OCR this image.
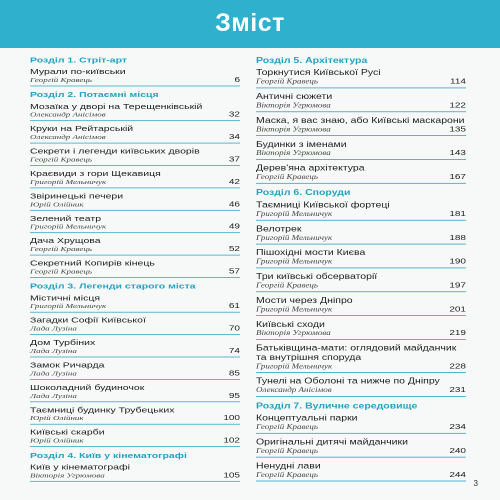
Зміст
Розділ 1. Стріт-арт
Мурали по-київськи
Георгій Кравець	6
Розділ 2. Потаємні місця
Мозаїка у дворі на Терещенківській
Олександр Анісімов	32
Круки на Рейтарській
Олександр Анісімов	34
Секрети і легенди київських дворів
Георгій Кравець	37
Краєвиди з гори Щекавиця
Григорій Мельничук	42
Звіринецькі печери
Юрій Олійник	46
Зелений театр
Григорій Мельничук	49
Дача Хрущова
Георгій Кравець	52
Секретний Копирів кінець
Георгій Кравець	57
Розділ 3. Легенди старого міста
Містичні місця
Григорій Мельничук	61
Загадки Софії Київської
Лада Лузіна	70
Дом Турбіних
Лада Лузіна	74
Замок Ричарда
Лада Лузіна	85
Шоколадний будиночок
Лада Лузіна	95
Таємниці будинку Трубецьких
Юрій Олійник	100
Київські скарби
Юрій Олійник	102
Розділ 4. Київ у кінематографі
Київ у кінематографі
Вікторія Угрюмова	105
Розділ 5. Архітектура
Торкнутися Київської Русі
Георгій Кравець	114
Античні сюжети
Вікторія Угрюмова	122
Маска, я вас знаю, або Київські маскарони
Вікторія Угрюмова	135
Будинки з іменами
Вікторія Угрюмова	143
Дерев'яна архітектура
Георгій Кравець	167
Розділ 6. Споруди
Таємниці Київської фортеці
Григорій Мельничук	181
Велотрек
Григорій Мельничук	188
Пішохідні мости Києва
Григорій Мельничук	190
Три київські обсерваторії
Георгій Кравець	197
Мости через Дніпро
Григорій Мельничук	201
Київські сходи
Вікторія Угрюмова	219
Батьківщина-мати: оглядовий майданчик та внутрішня споруда
Григорій Мельничук	228
Тунелі на Оболоні та нижче по Дніпру
Олександр Анісімов	231
Розділ 7. Вуличне середовище
Концептуальні парки
Георгій Кравець	234
Оригінальні дитячі майданчики
Георгій Кравець	240
Ненудні лави
Георгій Кравець	244
3
